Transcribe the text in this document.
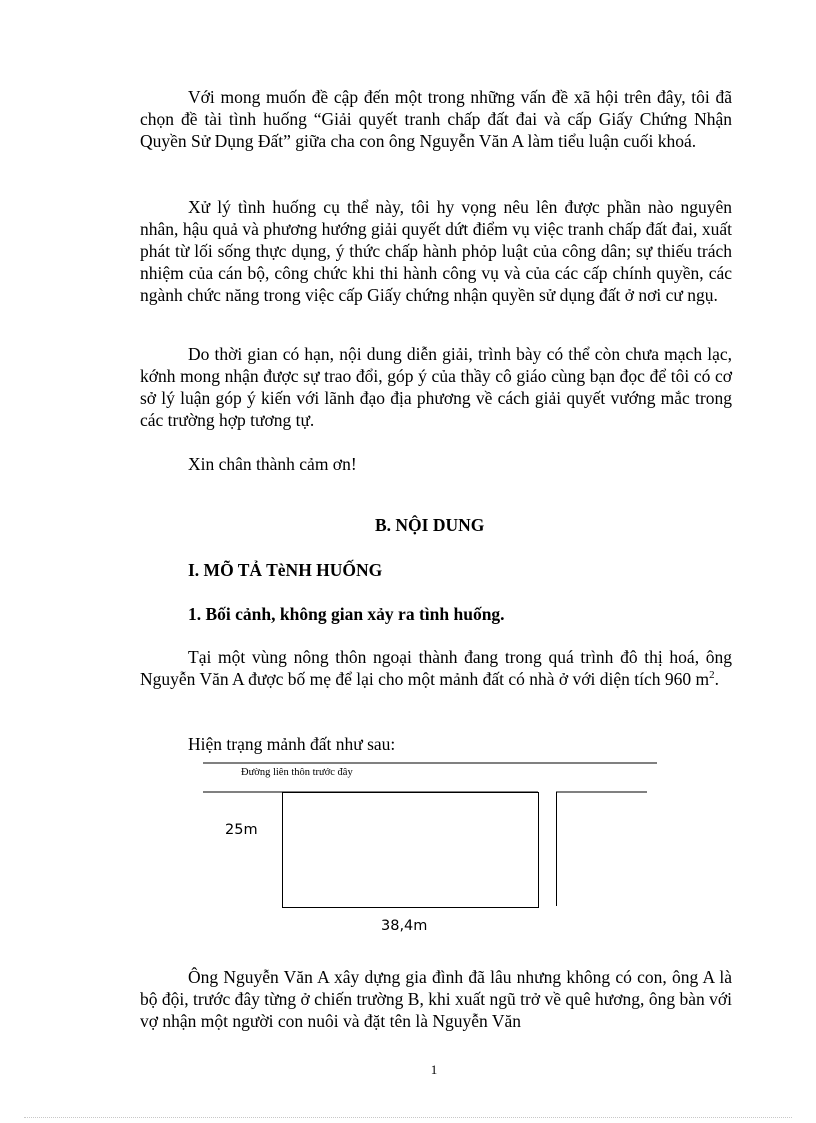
Với mong muốn đề cập đến một trong những vấn đề xã hội trên đây, tôi đã chọn đề tài tình huống “Giải quyết tranh chấp đất đai và cấp Giấy Chứng Nhận Quyền Sử Dụng Đất” giữa cha con ông Nguyễn Văn A làm tiểu luận cuối khoá.

Xử lý tình huống cụ thể này, tôi hy vọng nêu lên được phần nào nguyên nhân, hậu quả và phương hướng giải quyết dứt điểm vụ việc tranh chấp đất đai, xuất phát từ lối sống thực dụng, ý thức chấp hành phỏp luật của công dân; sự thiếu trách nhiệm của cán bộ, công chức khi thi hành công vụ và của các cấp chính quyền, các ngành chức năng trong việc cấp Giấy chứng nhận quyền sử dụng đất ở nơi cư ngụ.

Do thời gian có hạn, nội dung diễn giải, trình bày có thể còn chưa mạch lạc, kớnh mong nhận được sự trao đổi, góp ý của thầy cô giáo cùng bạn đọc để tôi có cơ sở lý luận góp ý kiến với lãnh đạo địa phương về cách giải quyết vướng mắc trong các trường hợp tương tự.

Xin chân thành cảm ơn!

B. NỘI DUNG
I. MÕ TẢ TèNH HUỐNG
1. Bối cảnh, không gian xảy ra tình huống.

Tại một vùng nông thôn ngoại thành đang trong quá trình đô thị hoá, ông Nguyễn Văn A được bố mẹ để lại cho một mảnh đất có nhà ở với diện tích 960 $m^2$.

Hiện trạng mảnh đất như sau:

Đường liên thôn trước đây
25m
38,4m

Ông Nguyễn Văn A xây dựng gia đình đã lâu nhưng không có con, ông A là bộ đội, trước đây từng ở chiến trường B, khi xuất ngũ trở về quê hương, ông bàn với vợ nhận một người con nuôi và đặt tên là Nguyễn Văn

1
